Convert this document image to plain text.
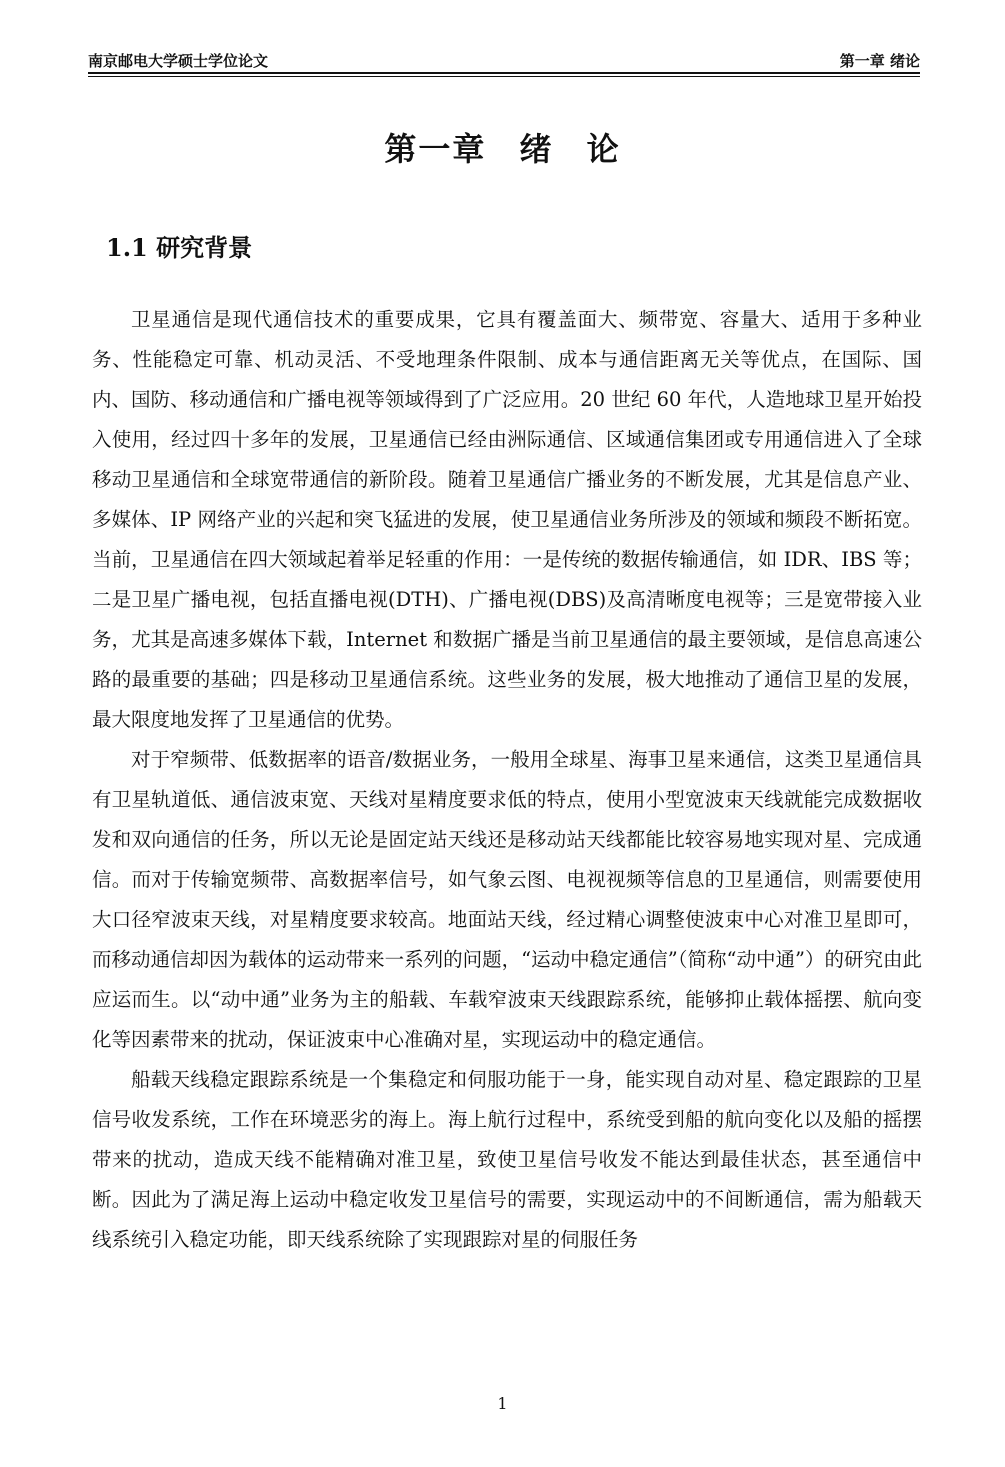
南京邮电大学硕士学位论文	第一章 绪论
第一章 绪 论
1.1 研究背景

卫星通信是现代通信技术的重要成果，它具有覆盖面大、频带宽、容量大、适用于多种业务、性能稳定可靠、机动灵活、不受地理条件限制、成本与通信距离无关等优点，在国际、国内、国防、移动通信和广播电视等领域得到了广泛应用。20 世纪 60 年代，人造地球卫星开始投入使用，经过四十多年的发展，卫星通信已经由洲际通信、区域通信集团或专用通信进入了全球移动卫星通信和全球宽带通信的新阶段。随着卫星通信广播业务的不断发展，尤其是信息产业、多媒体、IP 网络产业的兴起和突飞猛进的发展，使卫星通信业务所涉及的领域和频段不断拓宽。当前，卫星通信在四大领域起着举足轻重的作用：一是传统的数据传输通信，如 IDR、IBS 等；二是卫星广播电视，包括直播电视(DTH)、广播电视(DBS)及高清晰度电视等；三是宽带接入业务，尤其是高速多媒体下载，Internet 和数据广播是当前卫星通信的最主要领域，是信息高速公路的最重要的基础；四是移动卫星通信系统。这些业务的发展，极大地推动了通信卫星的发展，最大限度地发挥了卫星通信的优势。

对于窄频带、低数据率的语音/数据业务，一般用全球星、海事卫星来通信，这类卫星通信具有卫星轨道低、通信波束宽、天线对星精度要求低的特点，使用小型宽波束天线就能完成数据收发和双向通信的任务，所以无论是固定站天线还是移动站天线都能比较容易地实现对星、完成通信。而对于传输宽频带、高数据率信号，如气象云图、电视视频等信息的卫星通信，则需要使用大口径窄波束天线，对星精度要求较高。地面站天线，经过精心调整使波束中心对准卫星即可，而移动通信却因为载体的运动带来一系列的问题，“运动中稳定通信”（简称“动中通”）的研究由此应运而生。以“动中通”业务为主的船载、车载窄波束天线跟踪系统，能够抑止载体摇摆、航向变化等因素带来的扰动，保证波束中心准确对星，实现运动中的稳定通信。

船载天线稳定跟踪系统是一个集稳定和伺服功能于一身，能实现自动对星、稳定跟踪的卫星信号收发系统，工作在环境恶劣的海上。海上航行过程中，系统受到船的航向变化以及船的摇摆带来的扰动，造成天线不能精确对准卫星，致使卫星信号收发不能达到最佳状态，甚至通信中断。因此为了满足海上运动中稳定收发卫星信号的需要，实现运动中的不间断通信，需为船载天线系统引入稳定功能，即天线系统除了实现跟踪对星的伺服任务

1
